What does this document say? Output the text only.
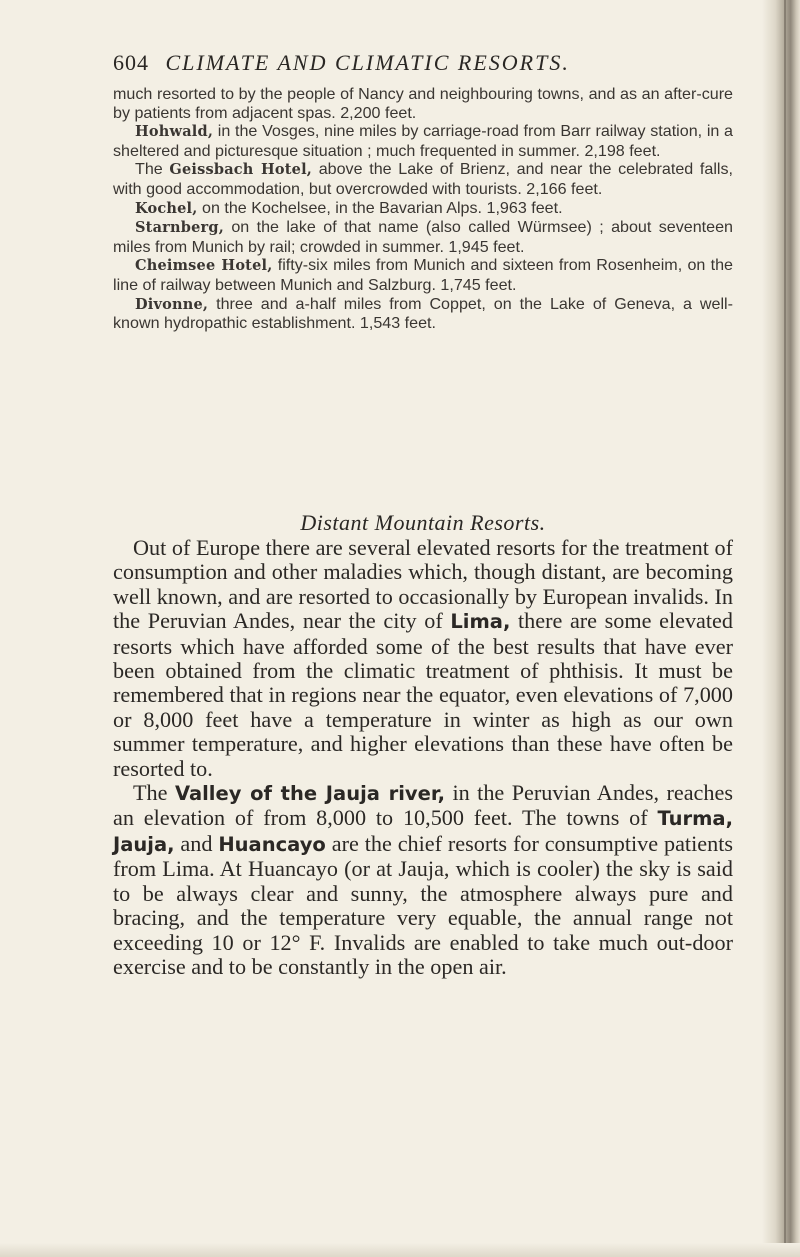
604 CLIMATE AND CLIMATIC RESORTS.

much resorted to by the people of Nancy and neighbouring towns, and as an after-cure by patients from adjacent spas. 2,200 feet.

Hohwald, in the Vosges, nine miles by carriage-road from Barr railway station, in a sheltered and picturesque situation ; much frequented in summer. 2,198 feet.

The Geissbach Hotel, above the Lake of Brienz, and near the celebrated falls, with good accommodation, but overcrowded with tourists. 2,166 feet.

Kochel, on the Kochelsee, in the Bavarian Alps. 1,963 feet.

Starnberg, on the lake of that name (also called Würmsee) ; about seventeen miles from Munich by rail; crowded in summer. 1,945 feet.

Cheimsee Hotel, fifty-six miles from Munich and sixteen from Rosenheim, on the line of railway between Munich and Salzburg. 1,745 feet.

Divonne, three and a-half miles from Coppet, on the Lake of Geneva, a well-known hydropathic establishment. 1,543 feet.

Distant Mountain Resorts.

Out of Europe there are several elevated resorts for the treatment of consumption and other maladies which, though distant, are becoming well known, and are resorted to occasionally by European invalids. In the Peruvian Andes, near the city of Lima, there are some elevated resorts which have afforded some of the best results that have ever been obtained from the climatic treatment of phthisis. It must be remembered that in regions near the equator, even elevations of 7,000 or 8,000 feet have a temperature in winter as high as our own summer temperature, and higher elevations than these have often be resorted to.

The Valley of the Jauja river, in the Peruvian Andes, reaches an elevation of from 8,000 to 10,500 feet. The towns of Turma, Jauja, and Huancayo are the chief resorts for consumptive patients from Lima. At Huancayo (or at Jauja, which is cooler) the sky is said to be always clear and sunny, the atmosphere always pure and bracing, and the temperature very equable, the annual range not exceeding 10 or 12° F. Invalids are enabled to take much out-door exercise and to be constantly in the open air.
